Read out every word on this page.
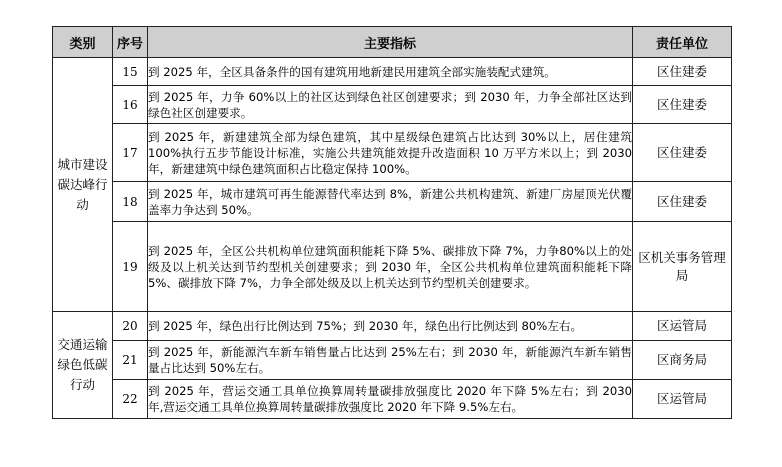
类别	序号	主要指标	责任单位
城市建设碳达峰行动	15	到 2025 年，全区具备条件的国有建筑用地新建民用建筑全部实施装配式建筑。	区住建委
	16	到 2025 年，力争 60%以上的社区达到绿色社区创建要求；到 2030 年，力争全部社区达到绿色社区创建要求。	区住建委
	17	到 2025 年，新建建筑全部为绿色建筑，其中星级绿色建筑占比达到 30%以上，居住建筑 100%执行五步节能设计标准，实施公共建筑能效提升改造面积 10 万平方米以上；到 2030 年，新建建筑中绿色建筑面积占比稳定保持 100%。	区住建委
	18	到 2025 年，城市建筑可再生能源替代率达到 8%，新建公共机构建筑、新建厂房屋顶光伏覆盖率力争达到 50%。	区住建委
	19	到 2025 年，全区公共机构单位建筑面积能耗下降 5%、碳排放下降 7%，力争80%以上的处级及以上机关达到节约型机关创建要求；到 2030 年，全区公共机构单位建筑面积能耗下降 5%、碳排放下降 7%，力争全部处级及以上机关达到节约型机关创建要求。	区机关事务管理局
交通运输绿色低碳行动	20	到 2025 年，绿色出行比例达到 75%；到 2030 年，绿色出行比例达到 80%左右。	区运管局
	21	到 2025 年，新能源汽车新车销售量占比达到 25%左右；到 2030 年，新能源汽车新车销售量占比达到 50%左右。	区商务局
	22	到 2025 年，营运交通工具单位换算周转量碳排放强度比 2020 年下降 5%左右；到 2030 年,营运交通工具单位换算周转量碳排放强度比 2020 年下降 9.5%左右。	区运管局
